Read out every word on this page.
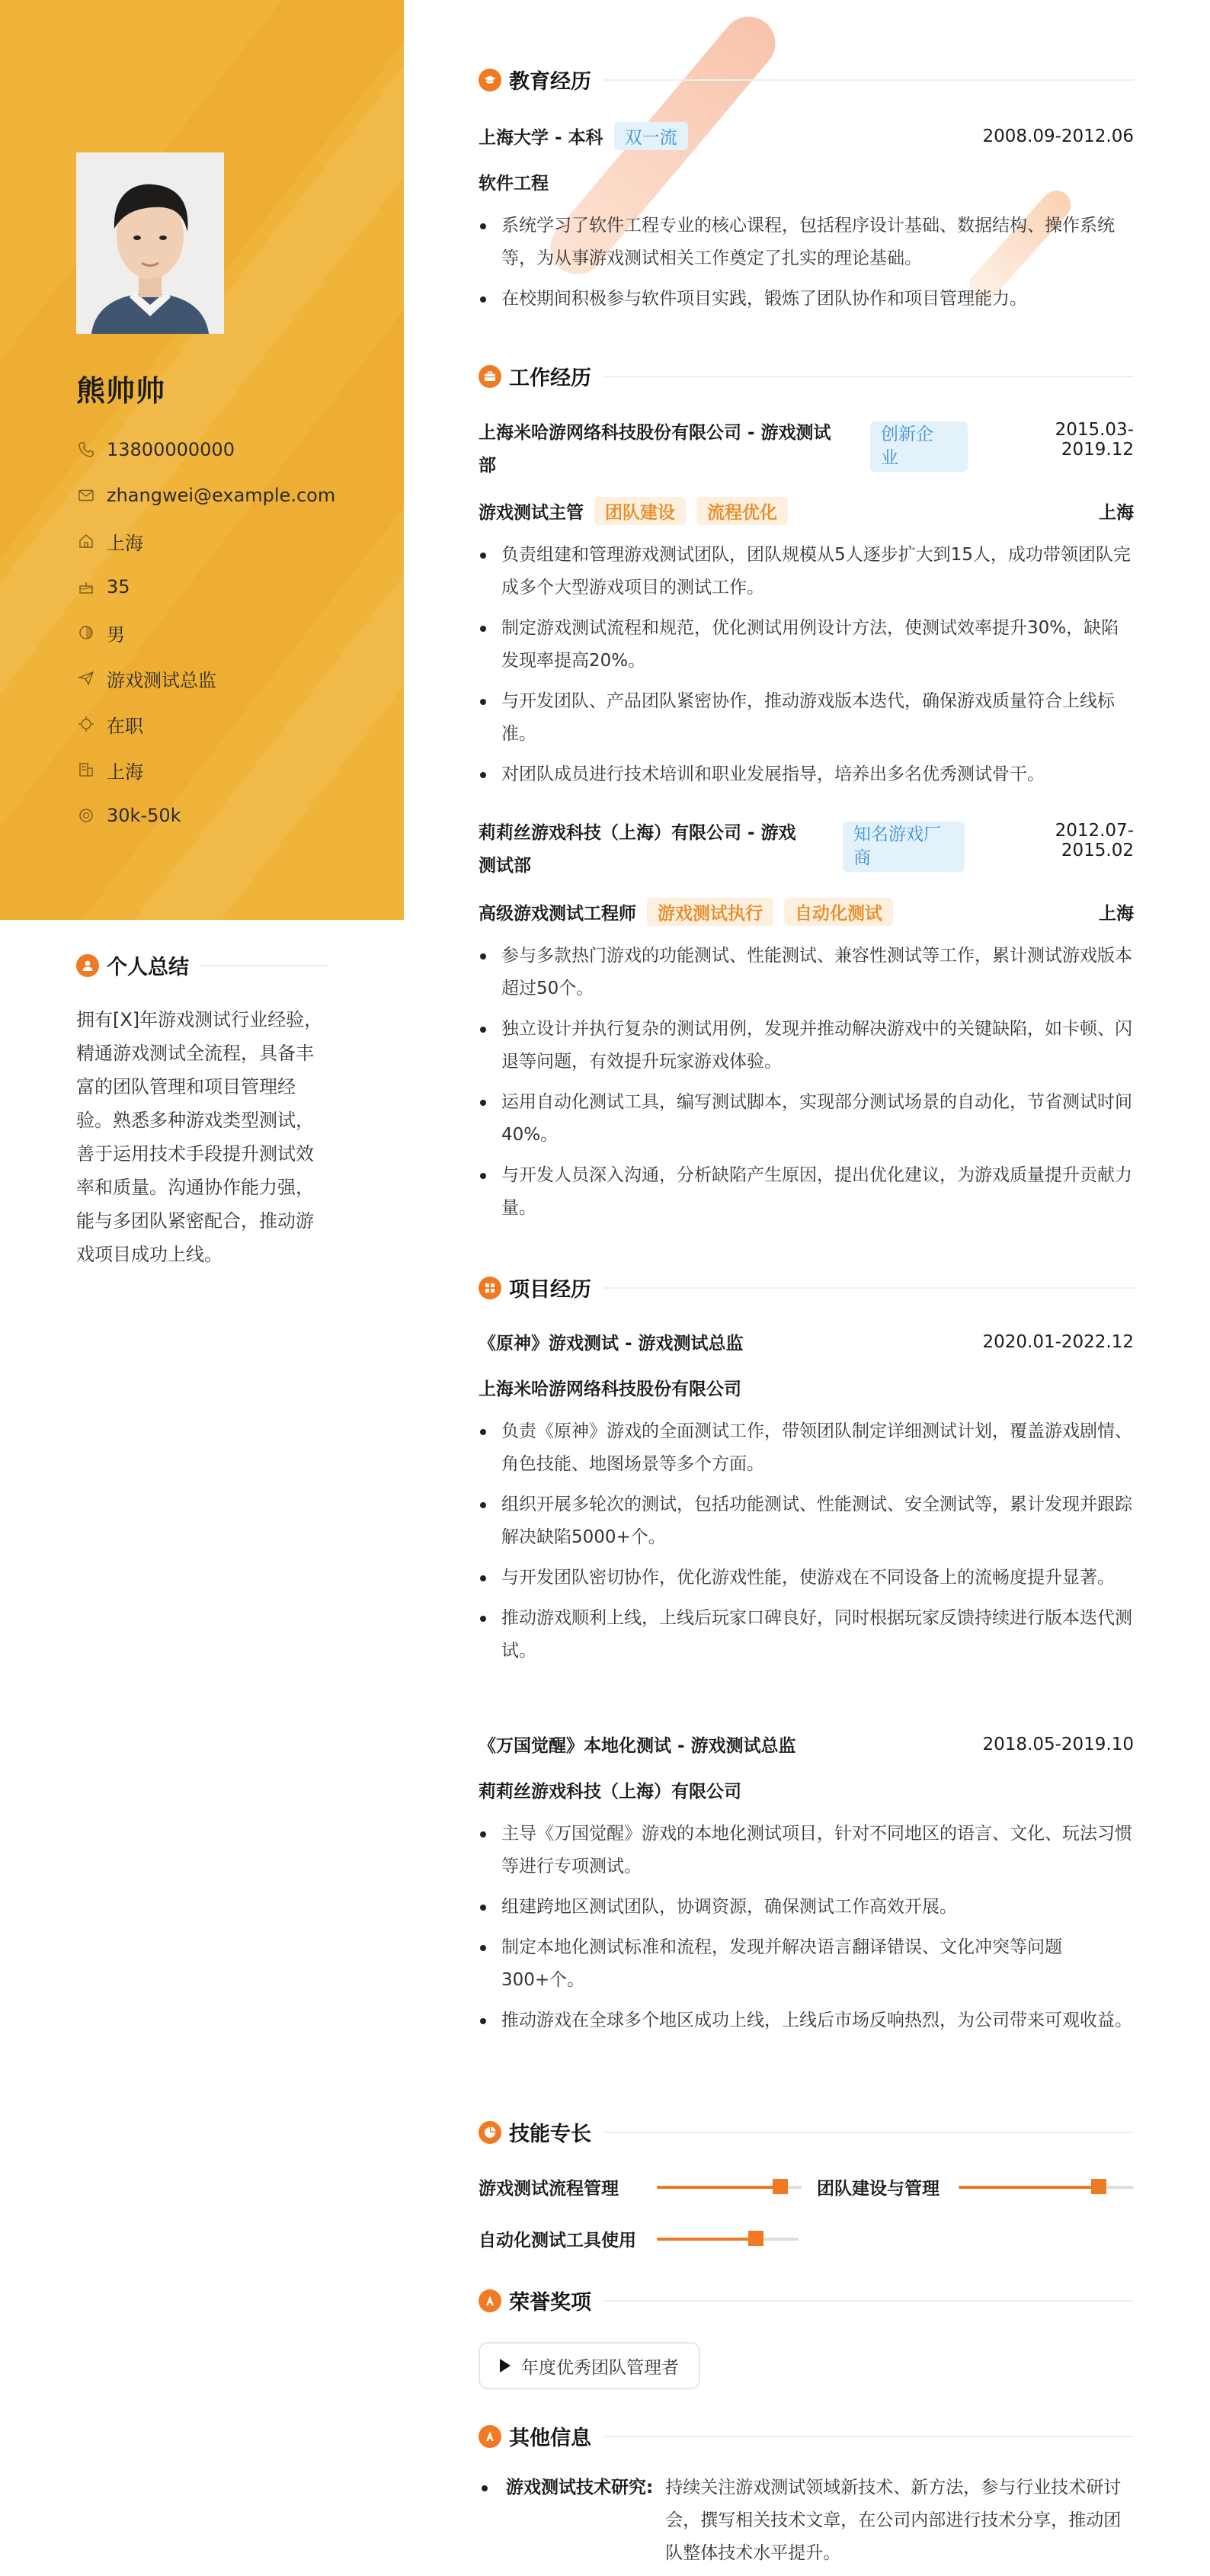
熊帅帅
13800000000
zhangwei@example.com
上海
35
男
游戏测试总监
在职
上海
30k-50k
个人总结
拥有[X]年游戏测试行业经验，精通游戏测试全流程，具备丰富的团队管理和项目管理经验。熟悉多种游戏类型测试，善于运用技术手段提升测试效率和质量。沟通协作能力强，能与多团队紧密配合，推动游戏项目成功上线。
教育经历
上海大学 - 本科	双一流	2008.09-2012.06
软件工程
系统学习了软件工程专业的核心课程，包括程序设计基础、数据结构、操作系统等，为从事游戏测试相关工作奠定了扎实的理论基础。
在校期间积极参与软件项目实践，锻炼了团队协作和项目管理能力。
工作经历
上海米哈游网络科技股份有限公司 - 游戏测试
部
创新企
业
2015.03-2019.12
游戏测试主管	团队建设	流程优化	上海
负责组建和管理游戏测试团队，团队规模从5人逐步扩大到15人，成功带领团队完成多个大型游戏项目的测试工作。
制定游戏测试流程和规范，优化测试用例设计方法，使测试效率提升30%，缺陷发现率提高20%。
与开发团队、产品团队紧密协作，推动游戏版本迭代，确保游戏质量符合上线标准。
对团队成员进行技术培训和职业发展指导，培养出多名优秀测试骨干。
莉莉丝游戏科技（上海）有限公司 - 游戏
测试部
知名游戏厂
商
2012.07-2015.02
高级游戏测试工程师	游戏测试执行	自动化测试	上海
参与多款热门游戏的功能测试、性能测试、兼容性测试等工作，累计测试游戏版本超过50个。
独立设计并执行复杂的测试用例，发现并推动解决游戏中的关键缺陷，如卡顿、闪退等问题，有效提升玩家游戏体验。
运用自动化测试工具，编写测试脚本，实现部分测试场景的自动化，节省测试时间40%。
与开发人员深入沟通，分析缺陷产生原因，提出优化建议，为游戏质量提升贡献力量。
项目经历
《原神》游戏测试 - 游戏测试总监	2020.01-2022.12
上海米哈游网络科技股份有限公司
负责《原神》游戏的全面测试工作，带领团队制定详细测试计划，覆盖游戏剧情、角色技能、地图场景等多个方面。
组织开展多轮次的测试，包括功能测试、性能测试、安全测试等，累计发现并跟踪解决缺陷5000+个。
与开发团队密切协作，优化游戏性能，使游戏在不同设备上的流畅度提升显著。
推动游戏顺利上线，上线后玩家口碑良好，同时根据玩家反馈持续进行版本迭代测试。
《万国觉醒》本地化测试 - 游戏测试总监	2018.05-2019.10
莉莉丝游戏科技（上海）有限公司
主导《万国觉醒》游戏的本地化测试项目，针对不同地区的语言、文化、玩法习惯等进行专项测试。
组建跨地区测试团队，协调资源，确保测试工作高效开展。
制定本地化测试标准和流程，发现并解决语言翻译错误、文化冲突等问题300+个。
推动游戏在全球多个地区成功上线，上线后市场反响热烈，为公司带来可观收益。
技能专长
游戏测试流程管理	团队建设与管理
自动化测试工具使用
荣誉奖项
年度优秀团队管理者
其他信息
游戏测试技术研究: 持续关注游戏测试领域新技术、新方法，参与行业技术研讨会，撰写相关技术文章，在公司内部进行技术分享，推动团队整体技术水平提升。
